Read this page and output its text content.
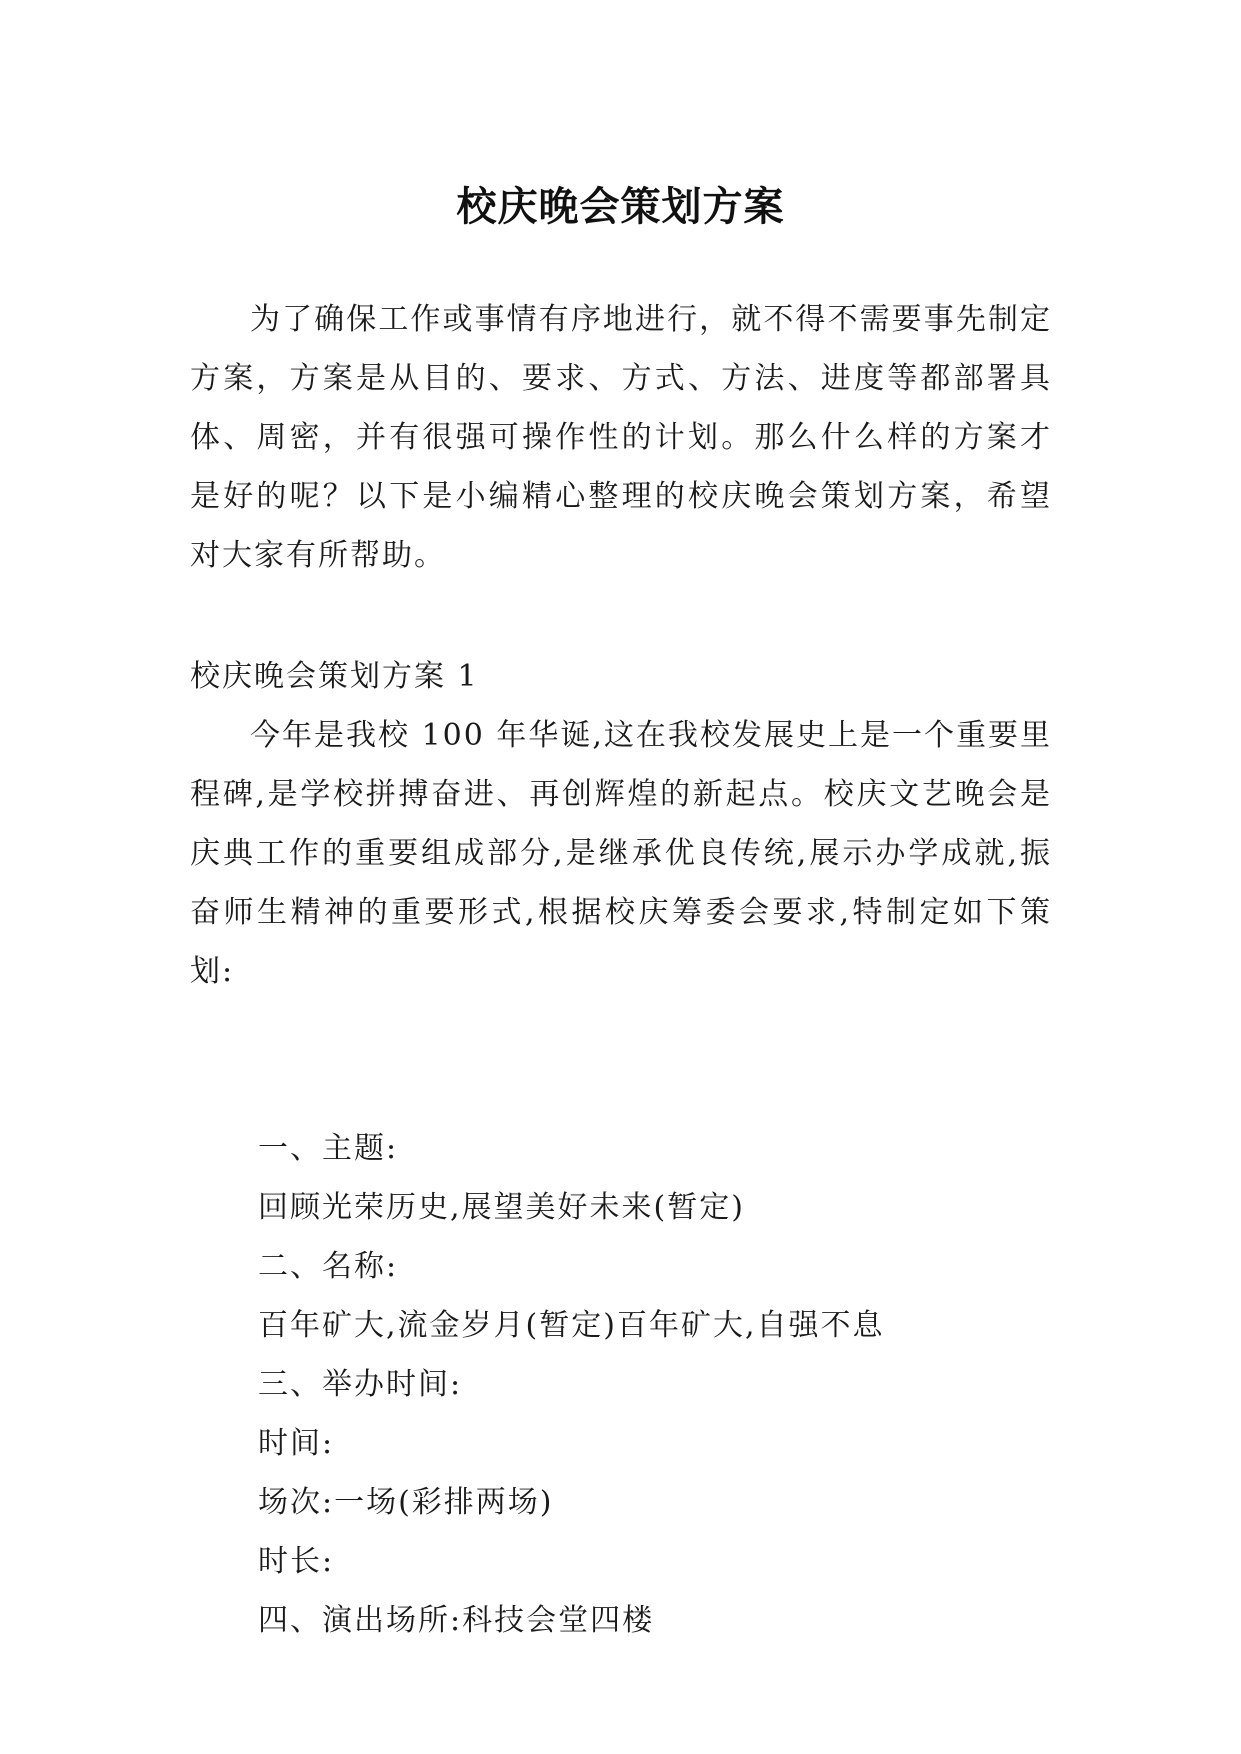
校庆晚会策划方案

为了确保工作或事情有序地进行，就不得不需要事先制定方案，方案是从目的、要求、方式、方法、进度等都部署具体、周密，并有很强可操作性的计划。那么什么样的方案才是好的呢？以下是小编精心整理的校庆晚会策划方案，希望对大家有所帮助。

校庆晚会策划方案 1

今年是我校 100 年华诞,这在我校发展史上是一个重要里程碑,是学校拼搏奋进、再创辉煌的新起点。校庆文艺晚会是庆典工作的重要组成部分,是继承优良传统,展示办学成就,振奋师生精神的重要形式,根据校庆筹委会要求,特制定如下策划:

一、主题:
回顾光荣历史,展望美好未来(暂定)
二、名称:
百年矿大,流金岁月(暂定)百年矿大,自强不息
三、举办时间:
时间:
场次:一场(彩排两场)
时长:
四、演出场所:科技会堂四楼
